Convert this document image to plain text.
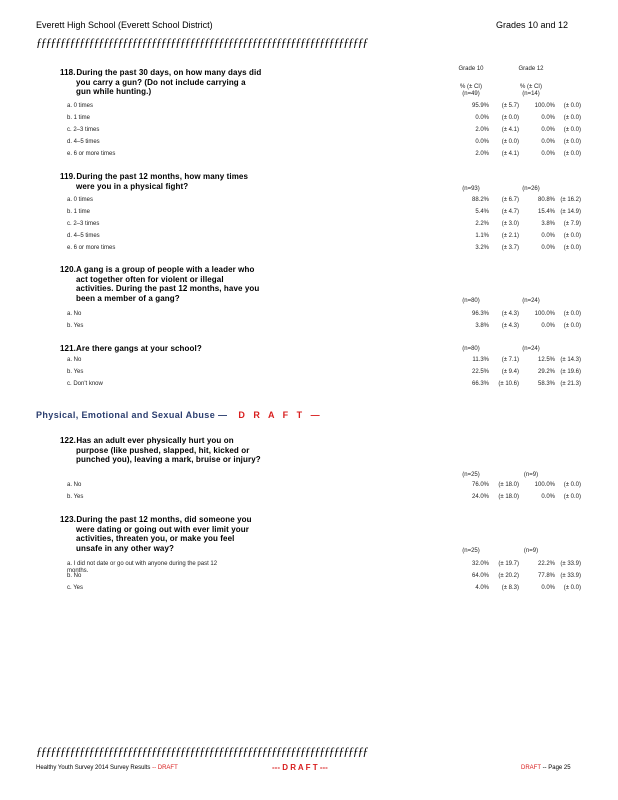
Everett High School (Everett School District)	Grades 10 and 12
ƒƒƒƒƒƒƒƒƒƒƒƒƒƒƒƒƒƒƒƒƒƒƒƒƒƒƒƒƒƒƒƒƒƒƒƒƒƒƒƒƒƒƒƒƒƒƒƒƒƒƒƒƒƒƒƒƒƒƒƒƒƒƒƒƒƒƒƒƒ
Grade 10	Grade 12
% (± CI)	% (± CI)
118. During the past 30 days, on how many days did
you carry a gun? (Do not include carrying a
gun while hunting.)	(n=49)	(n=14)
a. 0 times	95.9%	(± 5.7)	100.0%	(± 0.0)
b. 1 time	0.0%	(± 0.0)	0.0%	(± 0.0)
c. 2–3 times	2.0%	(± 4.1)	0.0%	(± 0.0)
d. 4–5 times	0.0%	(± 0.0)	0.0%	(± 0.0)
e. 6 or more times	2.0%	(± 4.1)	0.0%	(± 0.0)
119. During the past 12 months, how many times
were you in a physical fight?	(n=93)	(n=26)
a. 0 times	88.2%	(± 6.7)	80.8% (± 16.2)
b. 1 time	5.4%	(± 4.7)	15.4% (± 14.9)
c. 2–3 times	2.2%	(± 3.0)	3.8%	(± 7.9)
d. 4–5 times	1.1%	(± 2.1)	0.0%	(± 0.0)
e. 6 or more times	3.2%	(± 3.7)	0.0%	(± 0.0)
120. A gang is a group of people with a leader who
act together often for violent or illegal
activities. During the past 12 months, have you
been a member of a gang?	(n=80)	(n=24)
a. No	96.3%	(± 4.3)	100.0%	(± 0.0)
b. Yes	3.8%	(± 4.3)	0.0%	(± 0.0)
121. Are there gangs at your school?	(n=80)	(n=24)
a. No	11.3%	(± 7.1)	12.5% (± 14.3)
b. Yes	22.5%	(± 9.4)	29.2% (± 19.6)
c. Don't know	66.3%	(± 10.6)	58.3% (± 21.3)
122. Has an adult ever physically hurt you on
purpose (like pushed, slapped, hit, kicked or
punched you), leaving a mark, bruise or injury?
(n=25)	(n=9)
a. No	76.0%	(± 18.0)	100.0%	(± 0.0)
b. Yes	24.0%	(± 18.0)	0.0%	(± 0.0)
123. During the past 12 months, did someone you
were dating or going out with ever limit your
activities, threaten you, or make you feel
unsafe in any other way?	(n=25)	(n=9)
a. I did not date or go out with anyone during the past 12
months.
32.0%	(± 19.7)	22.2% (± 33.9)
b. No	64.0%	(± 20.2)	77.8% (± 33.9)
c. Yes	4.0%	(± 8.3)	0.0%	(± 0.0)
Physical, Emotional and Sexual Abuse — D R A F T —
ƒƒƒƒƒƒƒƒƒƒƒƒƒƒƒƒƒƒƒƒƒƒƒƒƒƒƒƒƒƒƒƒƒƒƒƒƒƒƒƒƒƒƒƒƒƒƒƒƒƒƒƒƒƒƒƒƒƒƒƒƒƒƒƒƒƒƒƒƒ
Healthy Youth Survey 2014 Survey Results -- DRAFT	--- D R A F T ---	DRAFT -- Page 25
